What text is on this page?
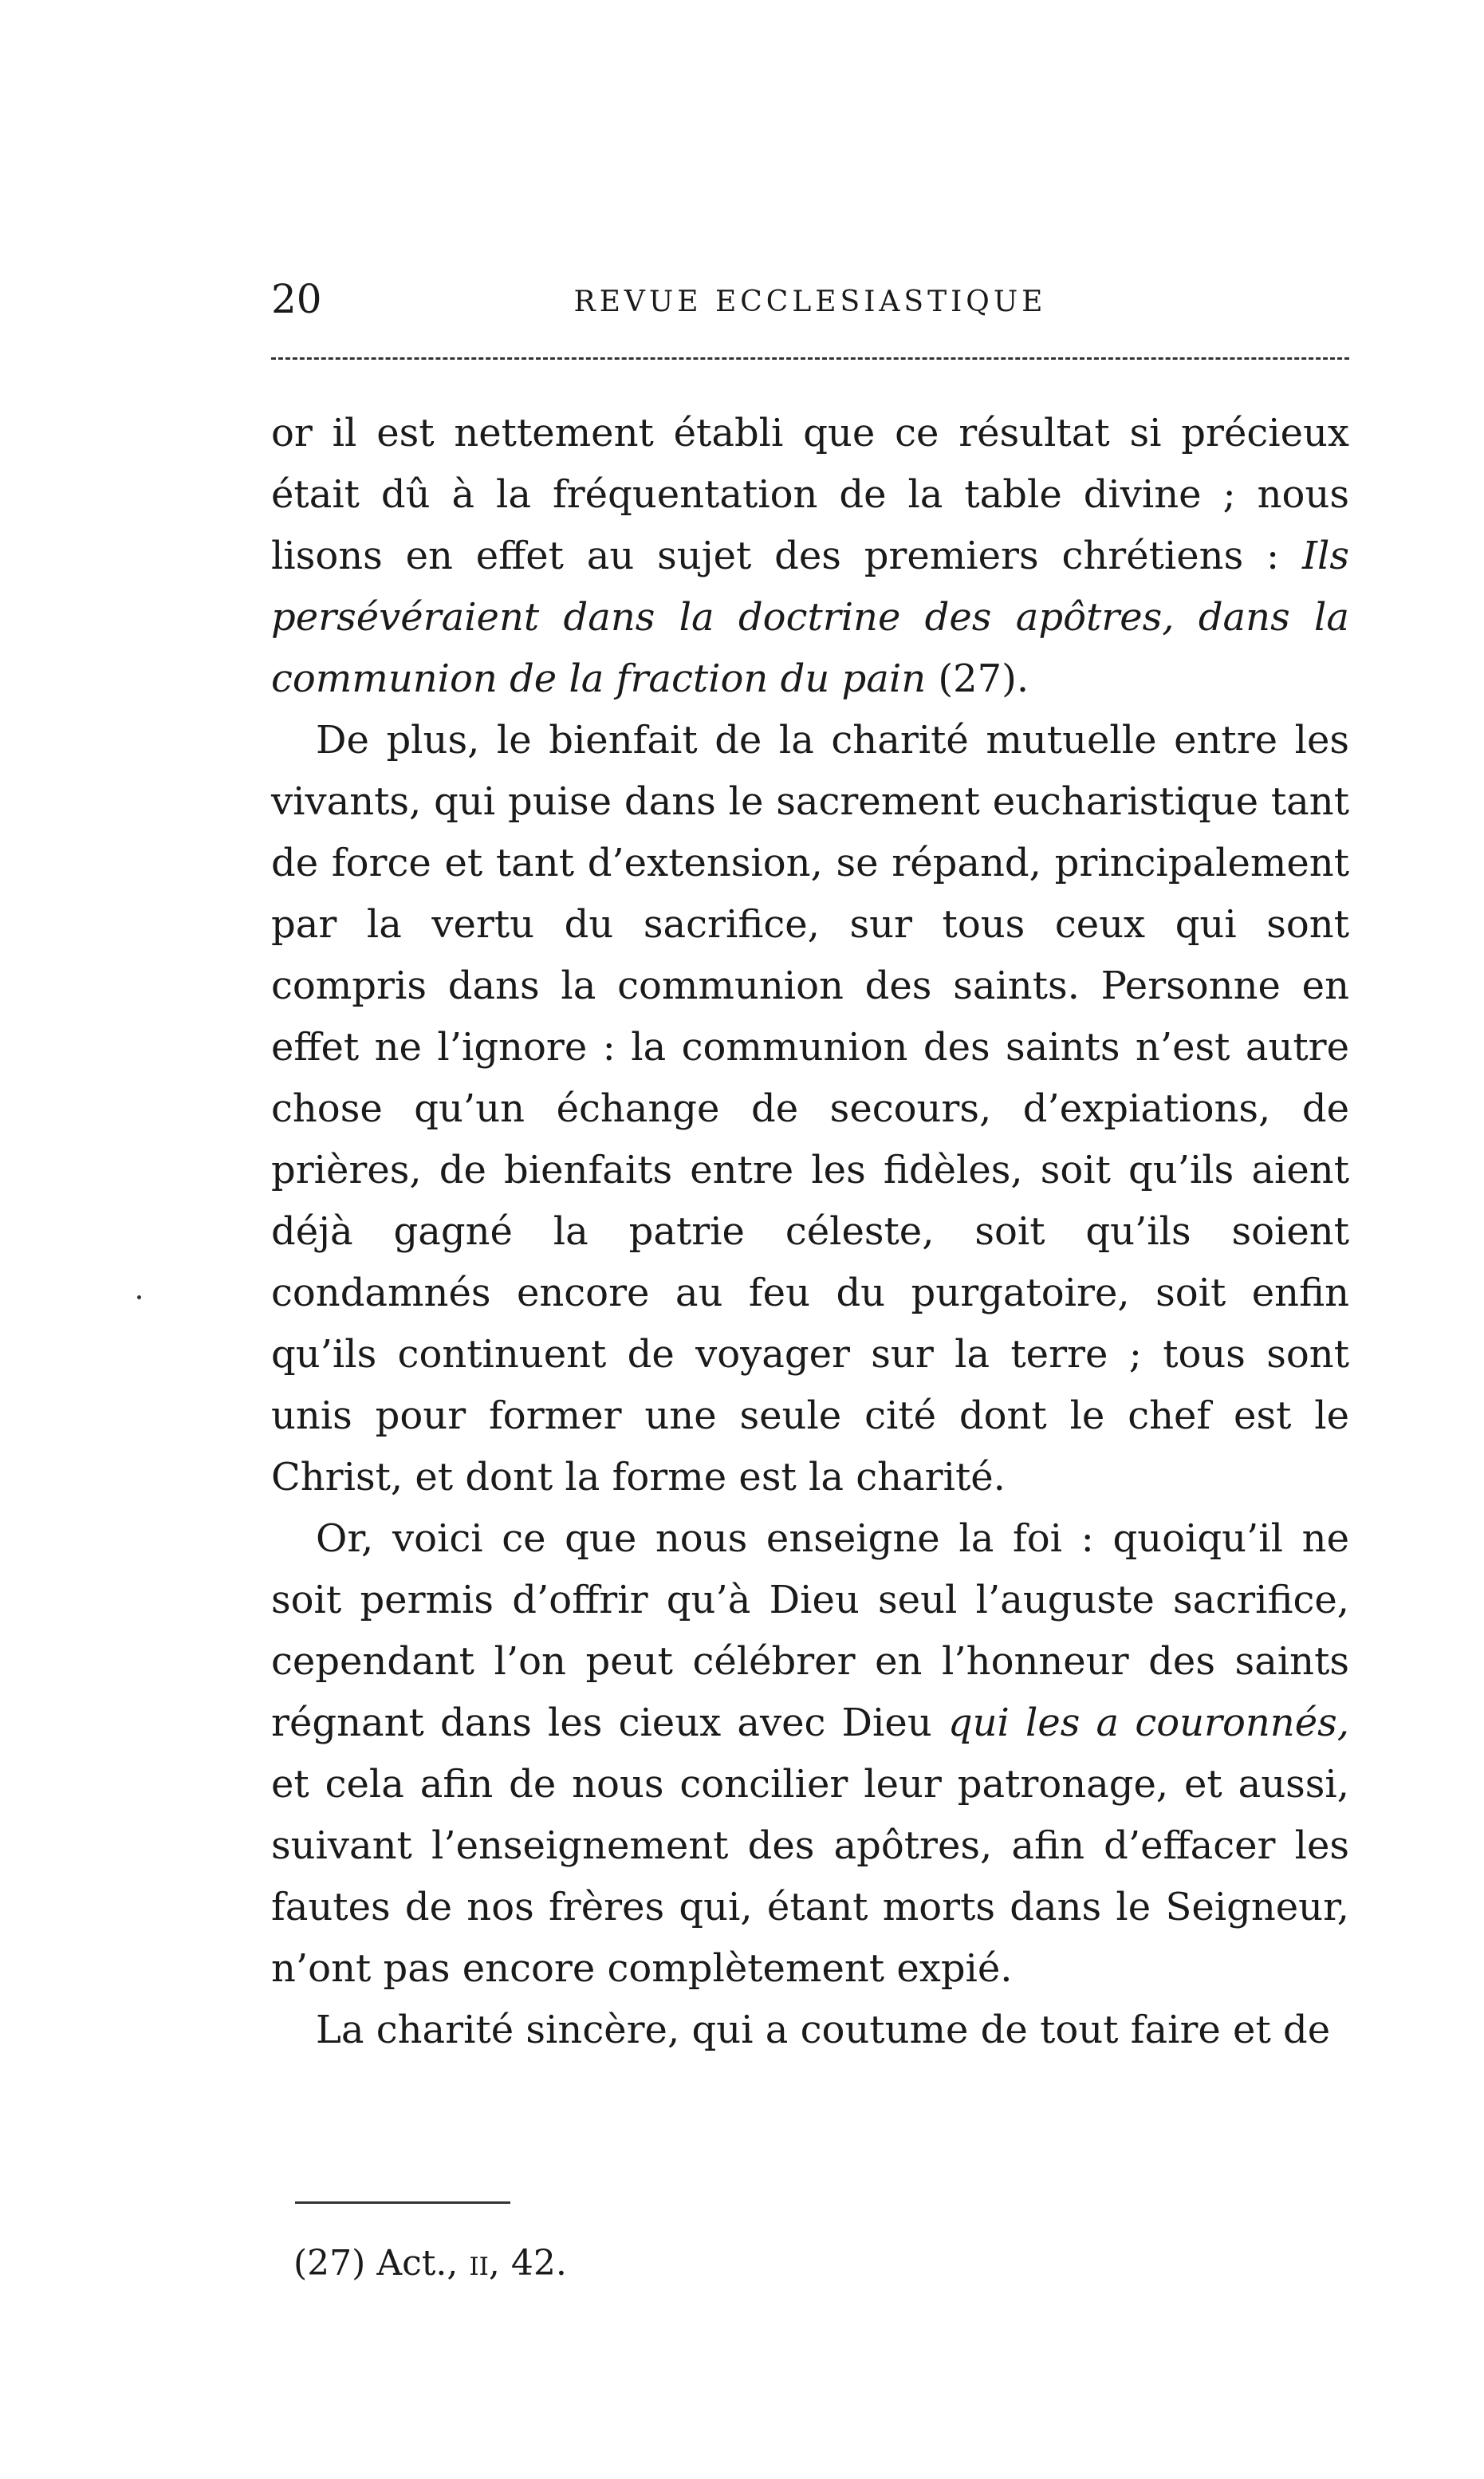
20	REVUE ECCLESIASTIQUE

or il est nettement établi que ce résultat si précieux était dû à la fréquentation de la table divine ; nous lisons en effet au sujet des premiers chrétiens : Ils persévéraient dans la doctrine des apôtres, dans la communion de la fraction du pain (27).

De plus, le bienfait de la charité mutuelle entre les vivants, qui puise dans le sacrement eucharistique tant de force et tant d’extension, se répand, principalement par la vertu du sacrifice, sur tous ceux qui sont compris dans la communion des saints. Personne en effet ne l’ignore : la communion des saints n’est autre chose qu’un échange de secours, d’expiations, de prières, de bienfaits entre les fidèles, soit qu’ils aient déjà gagné la patrie céleste, soit qu’ils soient condamnés encore au feu du purgatoire, soit enfin qu’ils continuent de voyager sur la terre ; tous sont unis pour former une seule cité dont le chef est le Christ, et dont la forme est la charité.

Or, voici ce que nous enseigne la foi : quoiqu’il ne soit permis d’offrir qu’à Dieu seul l’auguste sacrifice, cependant l’on peut célébrer en l’honneur des saints régnant dans les cieux avec Dieu qui les a couronnés, et cela afin de nous concilier leur patronage, et aussi, suivant l’enseignement des apôtres, afin d’effacer les fautes de nos frères qui, étant morts dans le Seigneur, n’ont pas encore complètement expié.

La charité sincère, qui a coutume de tout faire et de

(27) Act., ii, 42.
